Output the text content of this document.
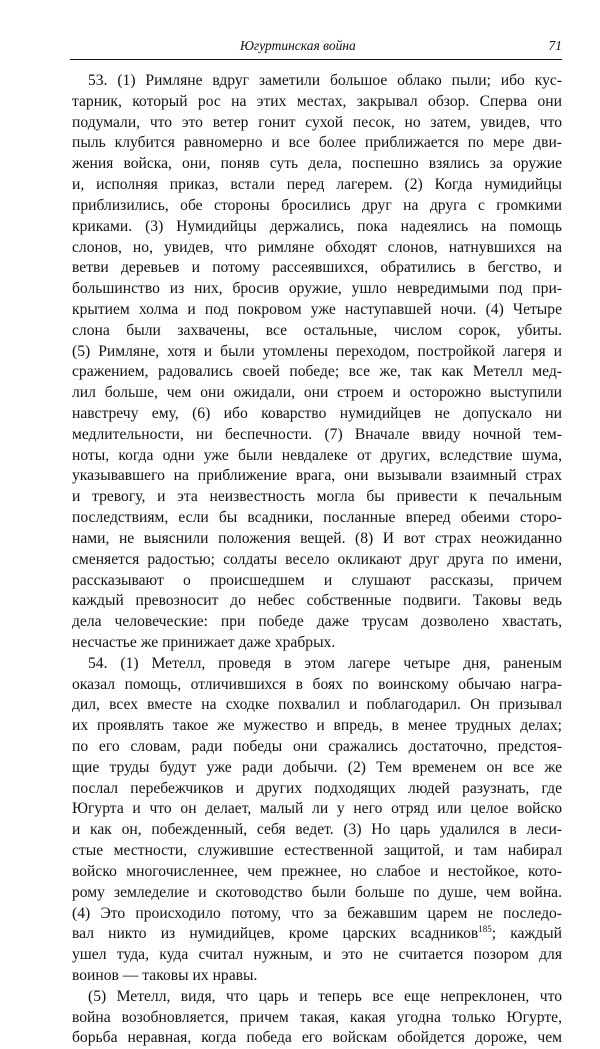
Югуртинская война	71
53. (1) Римляне вдруг заметили большое облако пыли; ибо кус-
тарник, который рос на этих местах, закрывал обзор. Сперва они
подумали, что это ветер гонит сухой песок, но затем, увидев, что
пыль клубится равномерно и все более приближается по мере дви-
жения войска, они, поняв суть дела, поспешно взялись за оружие
и, исполняя приказ, встали перед лагерем. (2) Когда нумидийцы
приблизились, обе стороны бросились друг на друга с громкими
криками. (3) Нумидийцы держались, пока надеялись на помощь
слонов, но, увидев, что римляне обходят слонов, натнувшихся на
ветви деревьев и потому рассеявшихся, обратились в бегство, и
большинство из них, бросив оружие, ушло невредимыми под при-
крытием холма и под покровом уже наступавшей ночи. (4) Четыре
слона были захвачены, все остальные, числом сорок, убиты.
(5) Римляне, хотя и были утомлены переходом, постройкой лагеря и
сражением, радовались своей победе; все же, так как Метелл мед-
лил больше, чем они ожидали, они строем и осторожно выступили
навстречу ему, (6) ибо коварство нумидийцев не допускало ни
медлительности, ни беспечности. (7) Вначале ввиду ночной тем-
ноты, когда одни уже были невдалеке от других, вследствие шума,
указывавшего на приближение врага, они вызывали взаимный страх
и тревогу, и эта неизвестность могла бы привести к печальным
последствиям, если бы всадники, посланные вперед обеими сторо-
нами, не выяснили положения вещей. (8) И вот страх неожиданно
сменяется радостью; солдаты весело окликают друг друга по имени,
рассказывают о происшедшем и слушают рассказы, причем
каждый превозносит до небес собственные подвиги. Таковы ведь
дела человеческие: при победе даже трусам дозволено хвастать,
несчастье же принижает даже храбрых.
54. (1) Метелл, проведя в этом лагере четыре дня, раненым
оказал помощь, отличившихся в боях по воинскому обычаю награ-
дил, всех вместе на сходке похвалил и поблагодарил. Он призывал
их проявлять такое же мужество и впредь, в менее трудных делах;
по его словам, ради победы они сражались достаточно, предстоя-
щие труды будут уже ради добычи. (2) Тем временем он все же
послал перебежчиков и других подходящих людей разузнать, где
Югурта и что он делает, малый ли у него отряд или целое войско
и как он, побежденный, себя ведет. (3) Но царь удалился в леси-
стые местности, служившие естественной защитой, и там набирал
войско многочисленнее, чем прежнее, но слабое и нестойкое, кото-
рому земледелие и скотоводство были больше по душе, чем война.
(4) Это происходило потому, что за бежавшим царем не последо-
вал никто из нумидийцев, кроме царских всадников$^{185}$; каждый
ушел туда, куда считал нужным, и это не считается позором для
воинов — таковы их нравы.
(5) Метелл, видя, что царь и теперь все еще непреклонен, что
война возобновляется, причем такая, какая угодна только Югурте,
борьба неравная, когда победа его войскам обойдется дороже, чем
